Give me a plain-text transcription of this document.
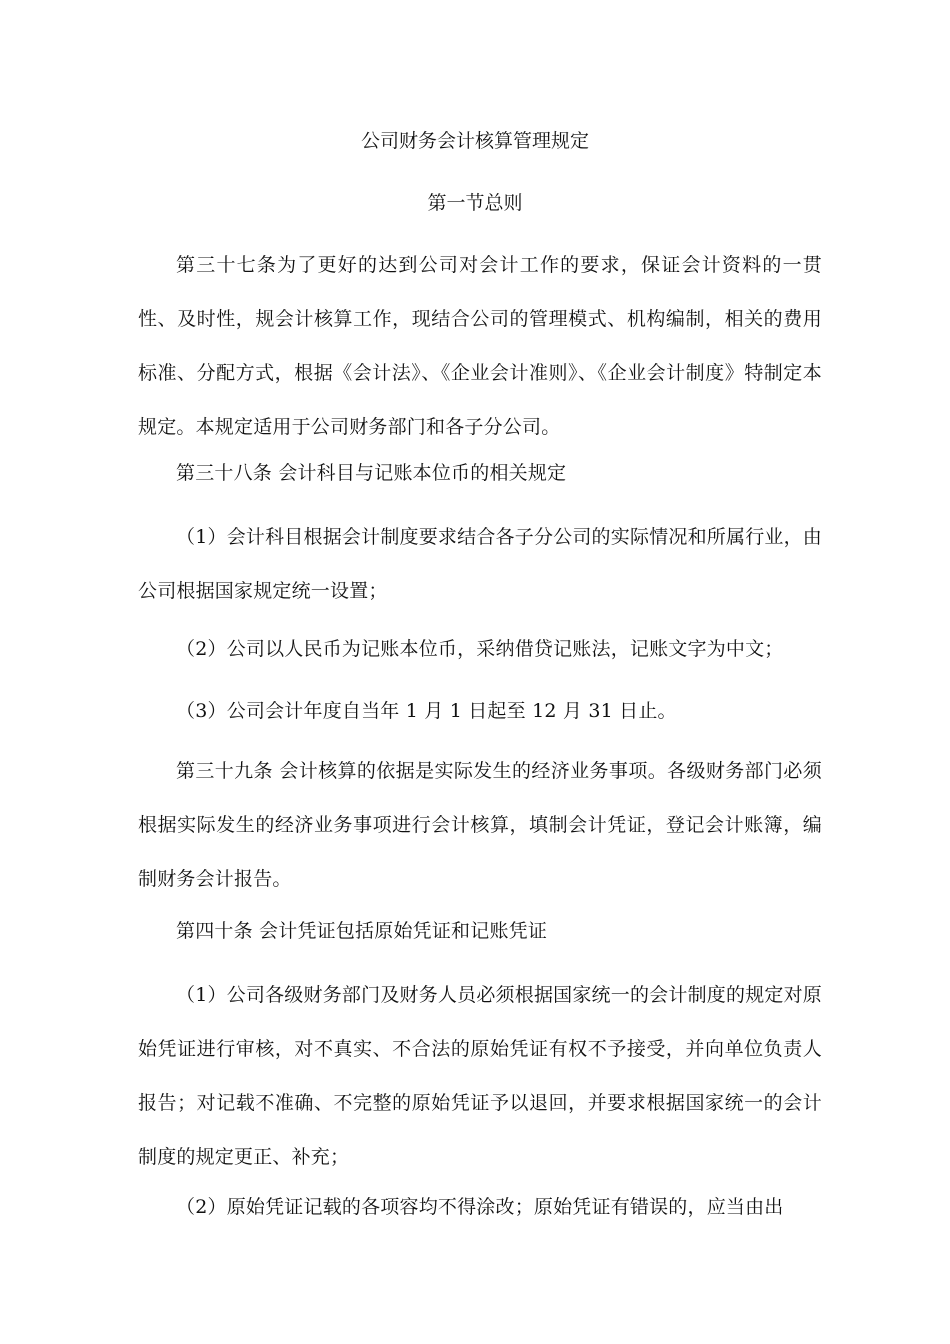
公司财务会计核算管理规定
第一节总则

第三十七条为了更好的达到公司对会计工作的要求，保证会计资料的一贯性、及时性，规会计核算工作，现结合公司的管理模式、机构编制，相关的费用标准、分配方式，根据《会计法》、《企业会计准则》、《企业会计制度》特制定本规定。本规定适用于公司财务部门和各子分公司。

第三十八条 会计科目与记账本位币的相关规定

（1）会计科目根据会计制度要求结合各子分公司的实际情况和所属行业，由公司根据国家规定统一设置；

（2）公司以人民币为记账本位币，采纳借贷记账法，记账文字为中文；

（3）公司会计年度自当年 1 月 1 日起至 12 月 31 日止。

第三十九条 会计核算的依据是实际发生的经济业务事项。各级财务部门必须根据实际发生的经济业务事项进行会计核算，填制会计凭证，登记会计账簿，编制财务会计报告。

第四十条 会计凭证包括原始凭证和记账凭证

（1）公司各级财务部门及财务人员必须根据国家统一的会计制度的规定对原始凭证进行审核，对不真实、不合法的原始凭证有权不予接受，并向单位负责人报告；对记载不准确、不完整的原始凭证予以退回，并要求根据国家统一的会计制度的规定更正、补充；

（2）原始凭证记载的各项容均不得涂改；原始凭证有错误的，应当由出
